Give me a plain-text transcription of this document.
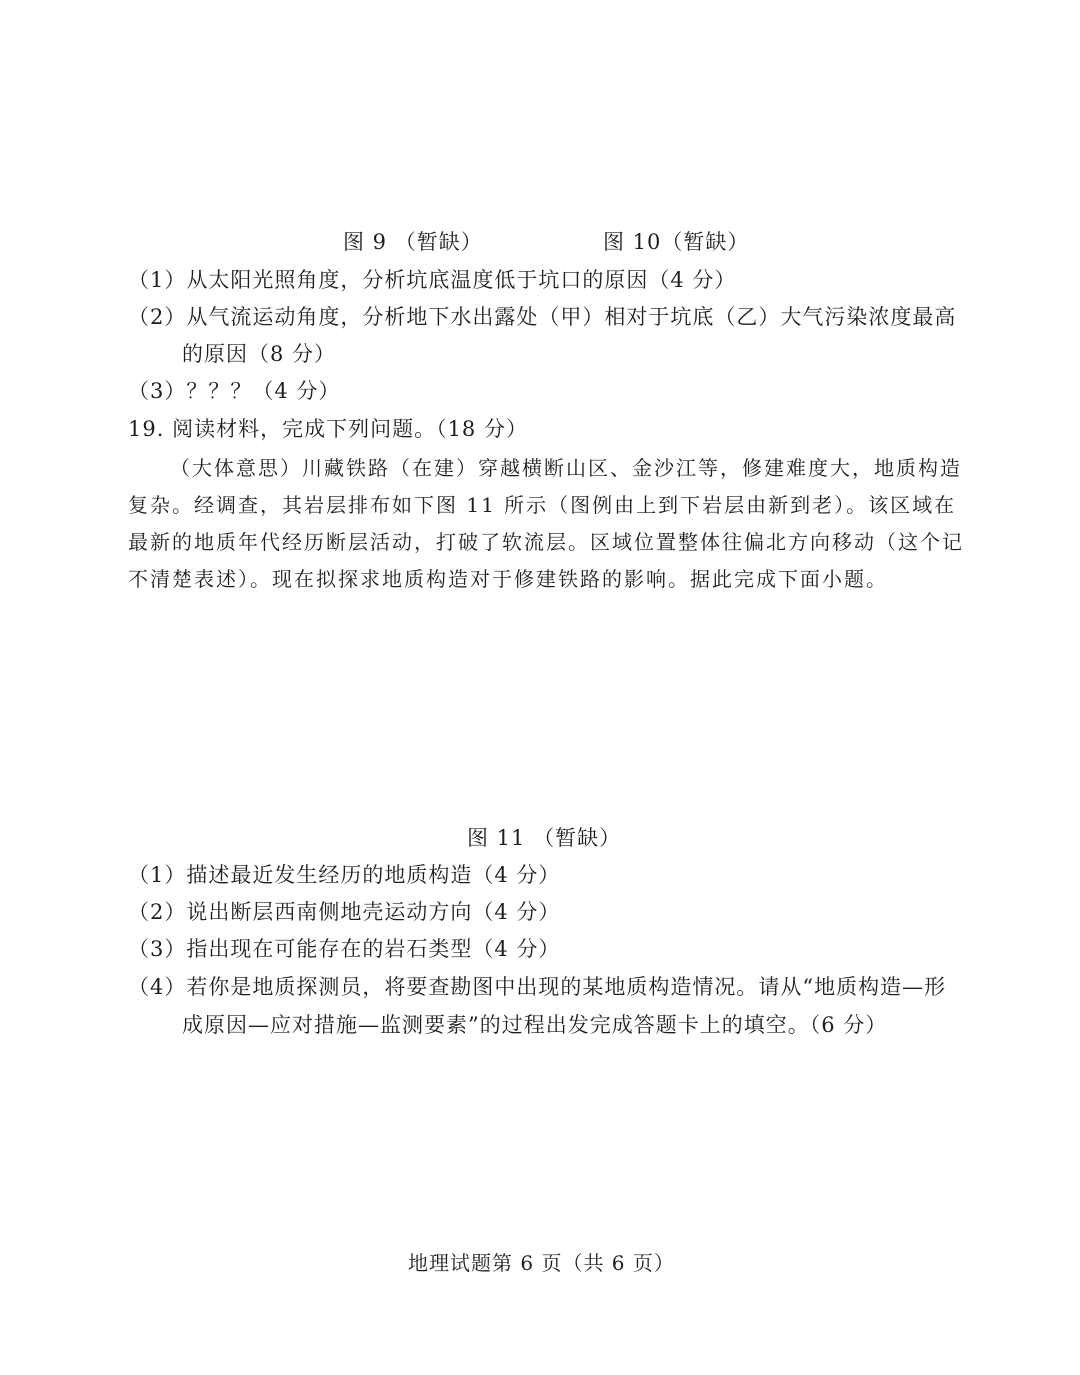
图 9 （暂缺）	图 10（暂缺）
（1）从太阳光照角度，分析坑底温度低于坑口的原因（4 分）
（2）从气流运动角度，分析地下水出露处（甲）相对于坑底（乙）大气污染浓度最高
的原因（8 分）
（3）？？？（4 分）
19. 阅读材料，完成下列问题。（18 分）
（大体意思）川藏铁路（在建）穿越横断山区、金沙江等，修建难度大，地质构造
复杂。经调查，其岩层排布如下图 11 所示（图例由上到下岩层由新到老）。该区域在
最新的地质年代经历断层活动，打破了软流层。区域位置整体往偏北方向移动（这个记
不清楚表述）。现在拟探求地质构造对于修建铁路的影响。据此完成下面小题。
图 11 （暂缺）
（1）描述最近发生经历的地质构造（4 分）
（2）说出断层西南侧地壳运动方向（4 分）
（3）指出现在可能存在的岩石类型（4 分）
（4）若你是地质探测员，将要查勘图中出现的某地质构造情况。请从“地质构造—形
成原因—应对措施—监测要素”的过程出发完成答题卡上的填空。（6 分）
地理试题第 6 页（共 6 页）
